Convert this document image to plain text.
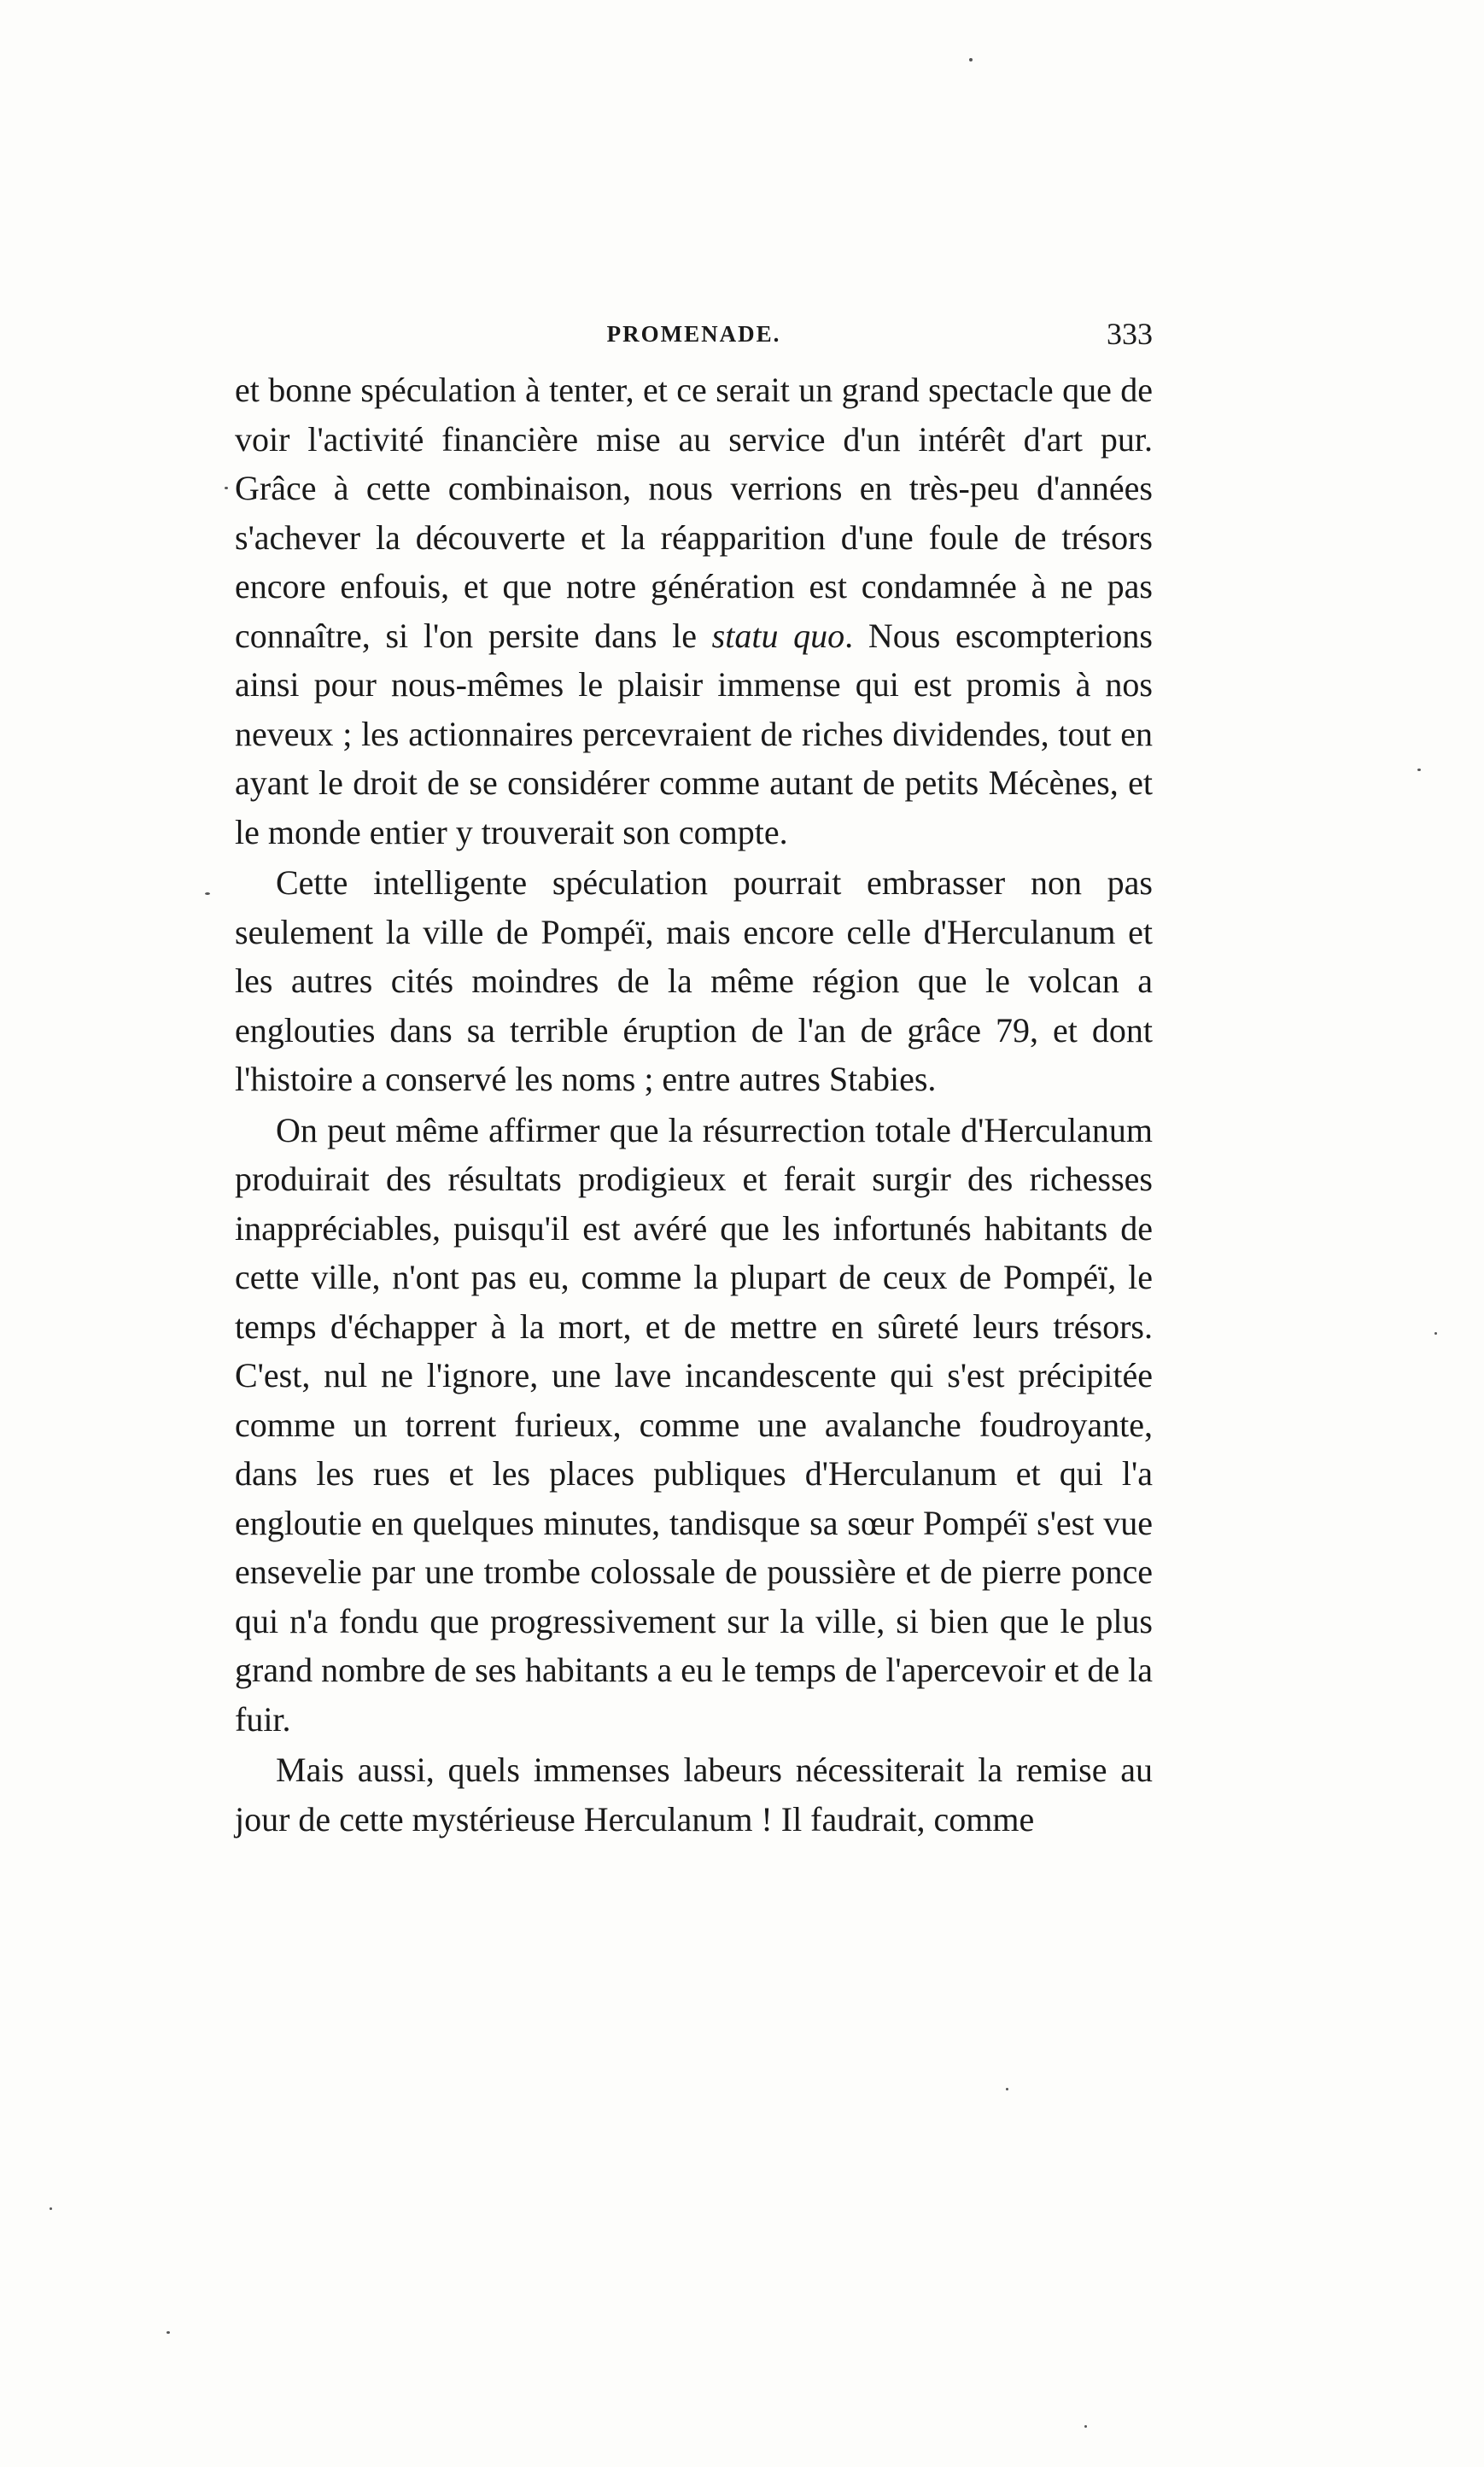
PROMENADE.	333

et bonne spéculation à tenter, et ce serait un grand spectacle que de voir l'activité financière mise au service d'un intérêt d'art pur. Grâce à cette combinaison, nous verrions en très-peu d'années s'achever la découverte et la réapparition d'une foule de trésors encore enfouis, et que notre génération est condamnée à ne pas connaître, si l'on persite dans le statu quo. Nous escompterions ainsi pour nous-mêmes le plaisir immense qui est promis à nos neveux ; les actionnaires percevraient de riches dividendes, tout en ayant le droit de se considérer comme autant de petits Mécènes, et le monde entier y trouverait son compte.

Cette intelligente spéculation pourrait embrasser non pas seulement la ville de Pompéï, mais encore celle d'Herculanum et les autres cités moindres de la même région que le volcan a englouties dans sa terrible éruption de l'an de grâce 79, et dont l'histoire a conservé les noms ; entre autres Stabies.

On peut même affirmer que la résurrection totale d'Herculanum produirait des résultats prodigieux et ferait surgir des richesses inappréciables, puisqu'il est avéré que les infortunés habitants de cette ville, n'ont pas eu, comme la plupart de ceux de Pompéï, le temps d'échapper à la mort, et de mettre en sûreté leurs trésors. C'est, nul ne l'ignore, une lave incandescente qui s'est précipitée comme un torrent furieux, comme une avalanche foudroyante, dans les rues et les places publiques d'Herculanum et qui l'a engloutie en quelques minutes, tandisque sa sœur Pompéï s'est vue ensevelie par une trombe colossale de poussière et de pierre ponce qui n'a fondu que progressivement sur la ville, si bien que le plus grand nombre de ses habitants a eu le temps de l'apercevoir et de la fuir.

Mais aussi, quels immenses labeurs nécessiterait la remise au jour de cette mystérieuse Herculanum ! Il faudrait, comme
